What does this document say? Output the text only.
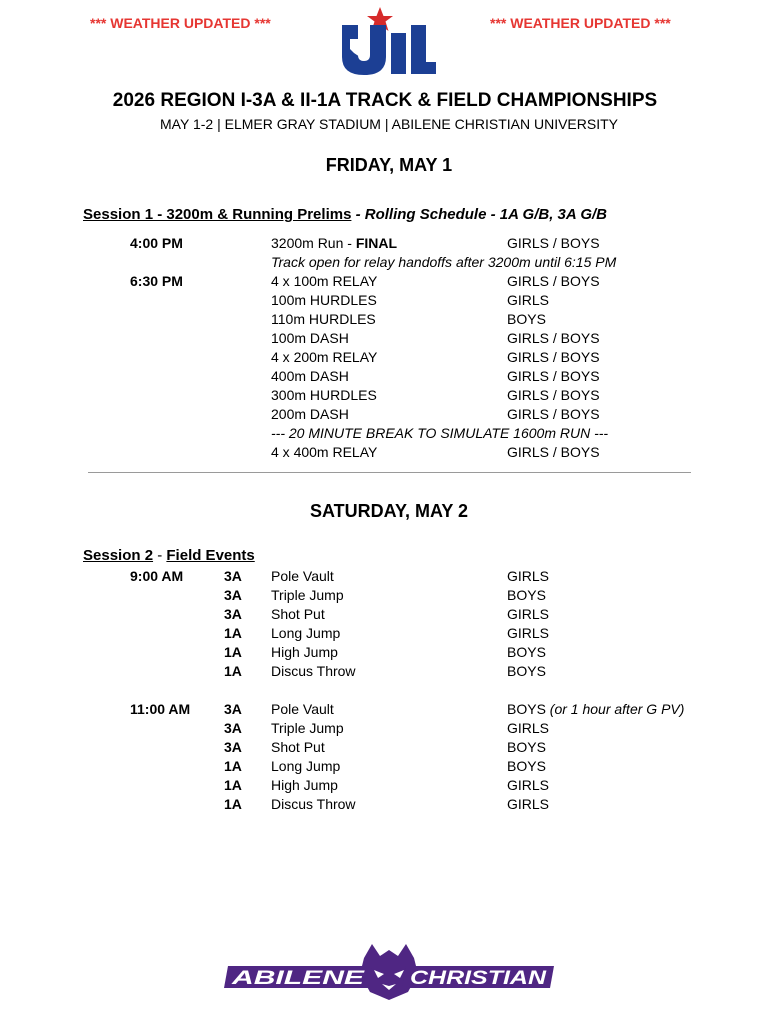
*** WEATHER UPDATED ***	*** WEATHER UPDATED ***
2026 REGION I-3A & II-1A TRACK & FIELD CHAMPIONSHIPS
MAY 1-2 | ELMER GRAY STADIUM | ABILENE CHRISTIAN UNIVERSITY
FRIDAY, MAY 1
Session 1 - 3200m & Running Prelims - Rolling Schedule - 1A G/B, 3A G/B
4:00 PM	3200m Run - FINAL	GIRLS / BOYS
Track open for relay handoffs after 3200m until 6:15 PM
6:30 PM	4 x 100m RELAY	GIRLS / BOYS
100m HURDLES	GIRLS
110m HURDLES	BOYS
100m DASH	GIRLS / BOYS
4 x 200m RELAY	GIRLS / BOYS
400m DASH	GIRLS / BOYS
300m HURDLES	GIRLS / BOYS
200m DASH	GIRLS / BOYS
--- 20 MINUTE BREAK TO SIMULATE 1600m RUN ---
4 x 400m RELAY	GIRLS / BOYS
SATURDAY, MAY 2
Session 2 - Field Events
9:00 AM	3A Pole Vault	GIRLS
3A Triple Jump	BOYS
3A Shot Put	GIRLS
1A Long Jump	GIRLS
1A High Jump	BOYS
1A Discus Throw	BOYS
11:00 AM 3A Pole Vault	BOYS (or 1 hour after G PV)
3A Triple Jump	GIRLS
3A Shot Put	BOYS
1A Long Jump	BOYS
1A High Jump	GIRLS
1A Discus Throw	GIRLS
ABILENE CHRISTIAN
